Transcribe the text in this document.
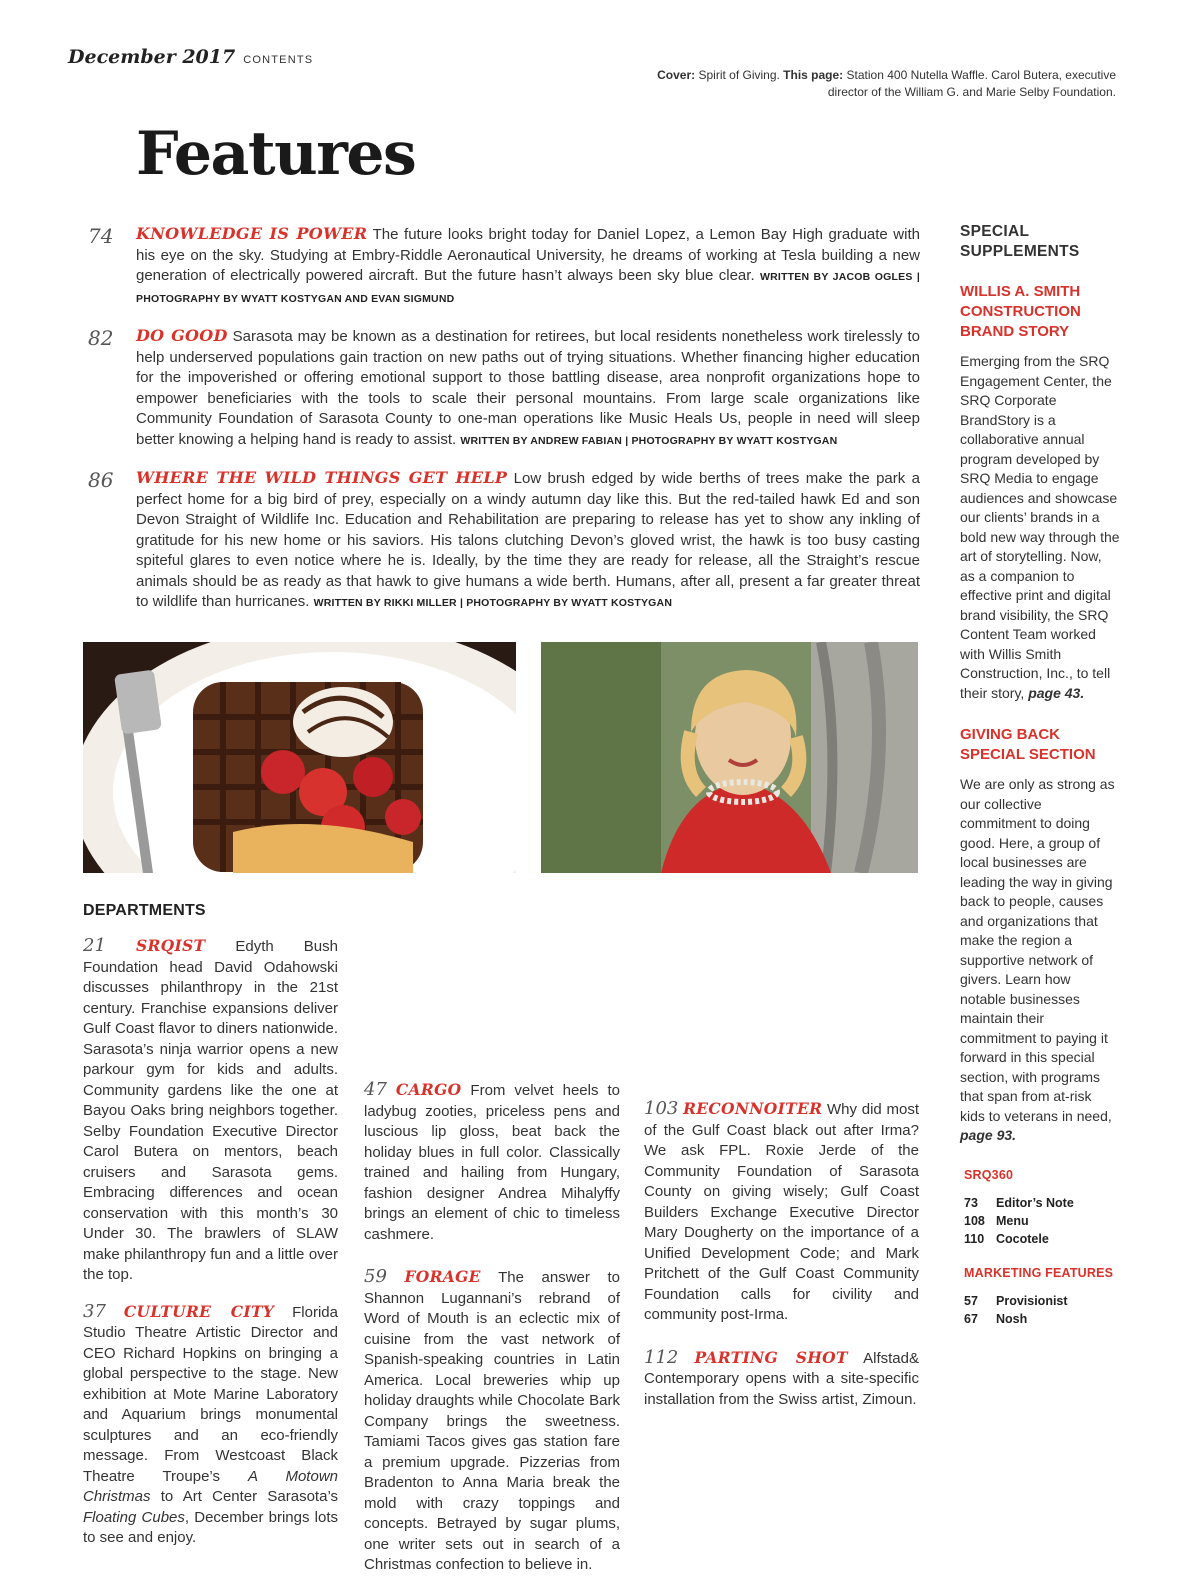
December 2017 CONTENTS
Cover: Spirit of Giving. This page: Station 400 Nutella Waffle. Carol Butera, executive director of the William G. and Marie Selby Foundation.
Features
74 KNOWLEDGE IS POWER The future looks bright today for Daniel Lopez, a Lemon Bay High graduate with his eye on the sky. Studying at Embry-Riddle Aeronautical University, he dreams of working at Tesla building a new generation of electrically powered aircraft. But the future hasn’t always been sky blue clear. WRITTEN BY JACOB OGLES | PHOTOGRAPHY BY WYATT KOSTYGAN AND EVAN SIGMUND
82 DO GOOD Sarasota may be known as a destination for retirees, but local residents nonetheless work tirelessly to help underserved populations gain traction on new paths out of trying situations. Whether financing higher education for the impoverished or offering emotional support to those battling disease, area nonprofit organizations hope to empower beneficiaries with the tools to scale their personal mountains. From large scale organizations like Community Foundation of Sarasota County to one-man operations like Music Heals Us, people in need will sleep better knowing a helping hand is ready to assist. WRITTEN BY ANDREW FABIAN | PHOTOGRAPHY BY WYATT KOSTYGAN
86 WHERE THE WILD THINGS GET HELP Low brush edged by wide berths of trees make the park a perfect home for a big bird of prey, especially on a windy autumn day like this. But the red-tailed hawk Ed and son Devon Straight of Wildlife Inc. Education and Rehabilitation are preparing to release has yet to show any inkling of gratitude for his new home or his saviors. His talons clutching Devon’s gloved wrist, the hawk is too busy casting spiteful glares to even notice where he is. Ideally, by the time they are ready for release, all the Straight’s rescue animals should be as ready as that hawk to give humans a wide berth. Humans, after all, present a far greater threat to wildlife than hurricanes. WRITTEN BY RIKKI MILLER | PHOTOGRAPHY BY WYATT KOSTYGAN
DEPARTMENTS

21 SRQIST Edyth Bush Foundation head David Odahowski discusses philanthropy in the 21st century. Franchise expansions deliver Gulf Coast flavor to diners nationwide. Sarasota’s ninja warrior opens a new parkour gym for kids and adults. Community gardens like the one at Bayou Oaks bring neighbors together. Selby Foundation Executive Director Carol Butera on mentors, beach cruisers and Sarasota gems. Embracing differences and ocean conservation with this month’s 30 Under 30. The brawlers of SLAW make philanthropy fun and a little over the top.

37 CULTURE CITY Florida Studio Theatre Artistic Director and CEO Richard Hopkins on bringing a global perspective to the stage. New exhibition at Mote Marine Laboratory and Aquarium brings monumental sculptures and an eco-friendly message. From Westcoast Black Theatre Troupe’s A Motown Christmas to Art Center Sarasota’s Floating Cubes, December brings lots to see and enjoy.

47 CARGO From velvet heels to ladybug zooties, priceless pens and luscious lip gloss, beat back the holiday blues in full color. Classically trained and hailing from Hungary, fashion designer Andrea Mihalyffy brings an element of chic to timeless cashmere.

59 FORAGE The answer to Shannon Lugannani’s rebrand of Word of Mouth is an eclectic mix of cuisine from the vast network of Spanish-speaking countries in Latin America. Local breweries whip up holiday draughts while Chocolate Bark Company brings the sweetness. Tamiami Tacos gives gas station fare a premium upgrade. Pizzerias from Bradenton to Anna Maria break the mold with crazy toppings and concepts. Betrayed by sugar plums, one writer sets out in search of a Christmas confection to believe in.

103 RECONNOITER Why did most of the Gulf Coast black out after Irma? We ask FPL. Roxie Jerde of the Community Foundation of Sarasota County on giving wisely; Gulf Coast Builders Exchange Executive Director Mary Dougherty on the importance of a Unified Development Code; and Mark Pritchett of the Gulf Coast Community Foundation calls for civility and community post-Irma.

112 PARTING SHOT Alfstad& Contemporary opens with a site-specific installation from the Swiss artist, Zimoun.

SPECIAL SUPPLEMENTS
WILLIS A. SMITH CONSTRUCTION BRAND STORY
Emerging from the SRQ Engagement Center, the SRQ Corporate BrandStory is a collaborative annual program developed by SRQ Media to engage audiences and showcase our clients’ brands in a bold new way through the art of storytelling. Now, as a companion to effective print and digital brand visibility, the SRQ Content Team worked with Willis Smith Construction, Inc., to tell their story, page 43.
GIVING BACK SPECIAL SECTION
We are only as strong as our collective commitment to doing good. Here, a group of local businesses are leading the way in giving back to people, causes and organizations that make the region a supportive network of givers. Learn how notable businesses maintain their commitment to paying it forward in this special section, with programs that span from at-risk kids to veterans in need, page 93.
SRQ360
73 Editor’s Note
108 Menu
110 Cocotele
MARKETING FEATURES
57 Provisionist
67 Nosh
